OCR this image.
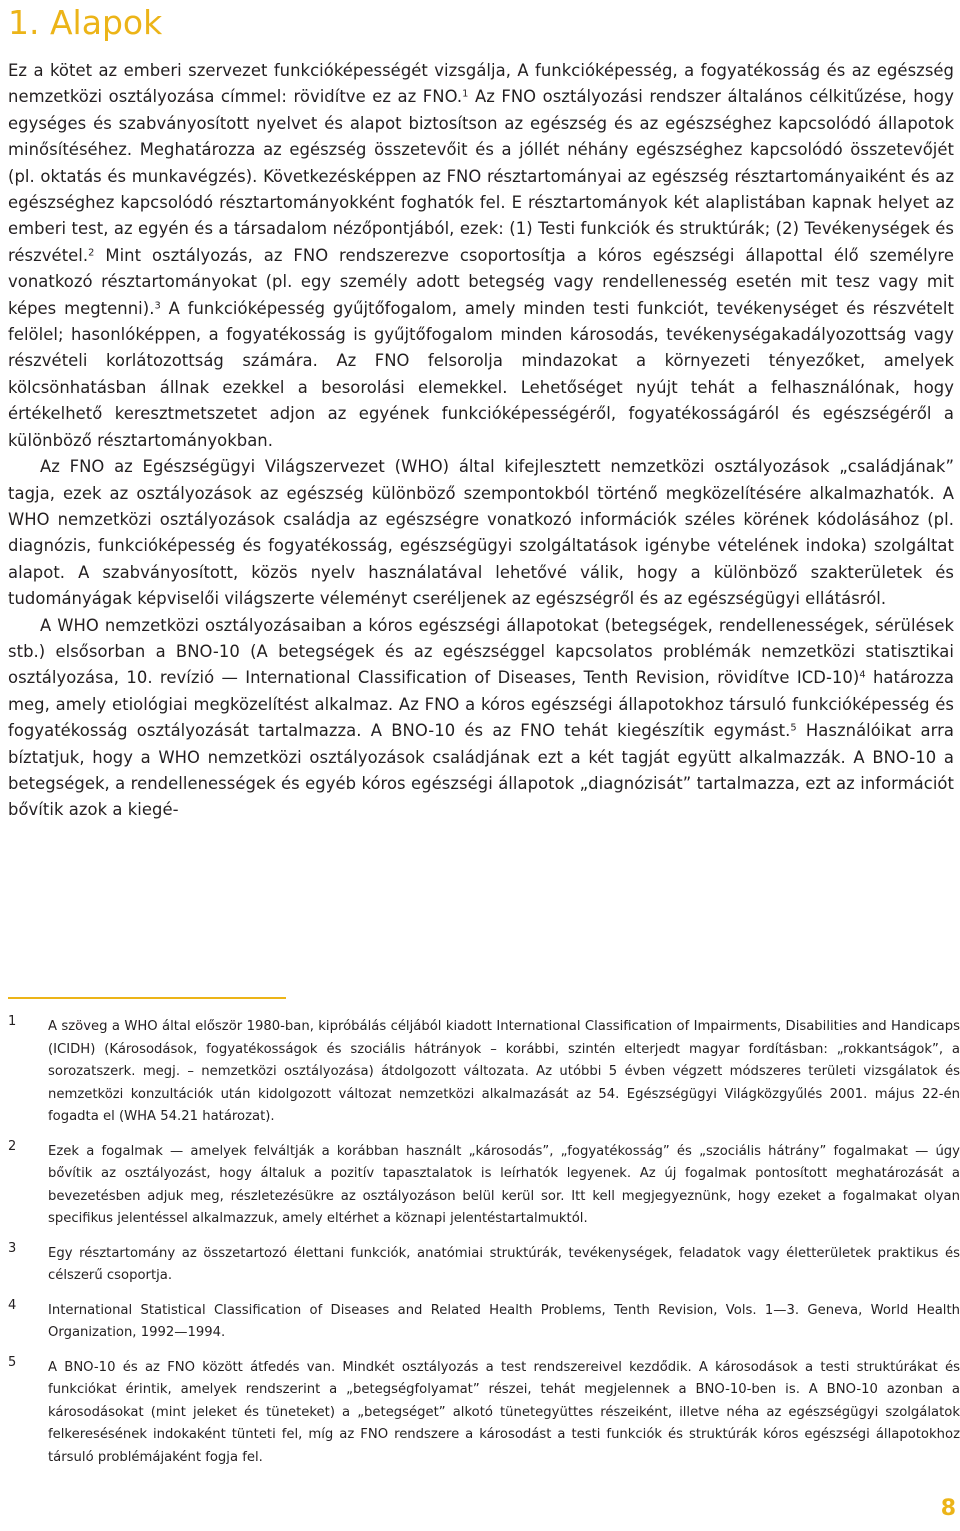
1. Alapok

Ez a kötet az emberi szervezet funkcióképességét vizsgálja, A funkcióképesség, a fogyatékosság és az egészség nemzetközi osztályozása címmel: rövidítve ez az FNO.$^1$ Az FNO osztályozási rendszer általános célkitűzése, hogy egységes és szabványosított nyelvet és alapot biztosítson az egészség és az egészséghez kapcsolódó állapotok minősítéséhez. Meghatározza az egészség összetevőit és a jóllét néhány egészséghez kapcsolódó összetevőjét (pl. oktatás és munkavégzés). Következésképpen az FNO résztartományai az egészség résztartományaiként és az egészséghez kapcsolódó résztartományokként foghatók fel. E résztartományok két alaplistában kapnak helyet az emberi test, az egyén és a társadalom nézőpontjából, ezek: (1) Testi funkciók és struktúrák; (2) Tevékenységek és részvétel.$^2$ Mint osztályozás, az FNO rendszerezve csoportosítja a kóros egészségi állapottal élő személyre vonatkozó résztartományokat (pl. egy személy adott betegség vagy rendellenesség esetén mit tesz vagy mit képes megtenni).$^3$ A funkcióképesség gyűjtőfogalom, amely minden testi funkciót, tevékenységet és részvételt felölel; hasonlóképpen, a fogyatékosság is gyűjtőfogalom minden károsodás, tevékenységakadályozottság vagy részvételi korlátozottság számára. Az FNO felsorolja mindazokat a környezeti tényezőket, amelyek kölcsönhatásban állnak ezekkel a besorolási elemekkel. Lehetőséget nyújt tehát a felhasználónak, hogy értékelhető keresztmetszetet adjon az egyének funkcióképességéről, fogyatékosságáról és egészségéről a különböző résztartományokban.

Az FNO az Egészségügyi Világszervezet (WHO) által kifejlesztett nemzetközi osztályozások „családjának” tagja, ezek az osztályozások az egészség különböző szempontokból történő megközelítésére alkalmazhatók. A WHO nemzetközi osztályozások családja az egészségre vonatkozó információk széles körének kódolásához (pl. diagnózis, funkcióképesség és fogyatékosság, egészségügyi szolgáltatások igénybe vételének indoka) szolgáltat alapot. A szabványosított, közös nyelv használatával lehetővé válik, hogy a különböző szakterületek és tudományágak képviselői világszerte véleményt cseréljenek az egészségről és az egészségügyi ellátásról.

A WHO nemzetközi osztályozásaiban a kóros egészségi állapotokat (betegségek, rendellenességek, sérülések stb.) elsősorban a BNO-10 (A betegségek és az egészséggel kapcsolatos problémák nemzetközi statisztikai osztályozása, 10. revízió — International Classification of Diseases, Tenth Revision, rövidítve ICD-10)$^4$ határozza meg, amely etiológiai megközelítést alkalmaz. Az FNO a kóros egészségi állapotokhoz társuló funkcióképesség és fogyatékosság osztályozását tartalmazza. A BNO-10 és az FNO tehát kiegészítik egymást.$^5$ Használóikat arra bíztatjuk, hogy a WHO nemzetközi osztályozások családjának ezt a két tagját együtt alkalmazzák. A BNO-10 a betegségek, a rendellenességek és egyéb kóros egészségi állapotok „diagnózisát” tartalmazza, ezt az információt bővítik azok a kiegé-

1	A szöveg a WHO által először 1980-ban, kipróbálás céljából kiadott International Classification of Impairments, Disabilities and Handicaps (ICIDH) (Károsodások, fogyatékosságok és szociális hátrányok – korábbi, szintén elterjedt magyar fordításban: „rokkantságok”, a sorozatszerk. megj. – nemzetközi osztályozása) átdolgozott változata. Az utóbbi 5 évben végzett módszeres területi vizsgálatok és nemzetközi konzultációk után kidolgozott változat nemzetközi alkalmazását az 54. Egészségügyi Világközgyűlés 2001. május 22-én fogadta el (WHA 54.21 határozat).
2	Ezek a fogalmak — amelyek felváltják a korábban használt „károsodás”, „fogyatékosság” és „szociális hátrány” fogalmakat — úgy bővítik az osztályozást, hogy általuk a pozitív tapasztalatok is leírhatók legyenek. Az új fogalmak pontosított meghatározását a bevezetésben adjuk meg, részletezésükre az osztályozáson belül kerül sor. Itt kell megjegyeznünk, hogy ezeket a fogalmakat olyan specifikus jelentéssel alkalmazzuk, amely eltérhet a köznapi jelentéstartalmuktól.
3	Egy résztartomány az összetartozó élettani funkciók, anatómiai struktúrák, tevékenységek, feladatok vagy életterületek praktikus és célszerű csoportja.
4	International Statistical Classification of Diseases and Related Health Problems, Tenth Revision, Vols. 1—3. Geneva, World Health Organization, 1992—1994.
5	A BNO-10 és az FNO között átfedés van. Mindkét osztályozás a test rendszereivel kezdődik. A károsodások a testi struktúrákat és funkciókat érintik, amelyek rendszerint a „betegségfolyamat” részei, tehát megjelennek a BNO-10-ben is. A BNO-10 azonban a károsodásokat (mint jeleket és tüneteket) a „betegséget” alkotó tünetegyüttes részeiként, illetve néha az egészségügyi szolgálatok felkeresésének indokaként tünteti fel, míg az FNO rendszere a károsodást a testi funkciók és struktúrák kóros egészségi állapotokhoz társuló problémájaként fogja fel.
8
